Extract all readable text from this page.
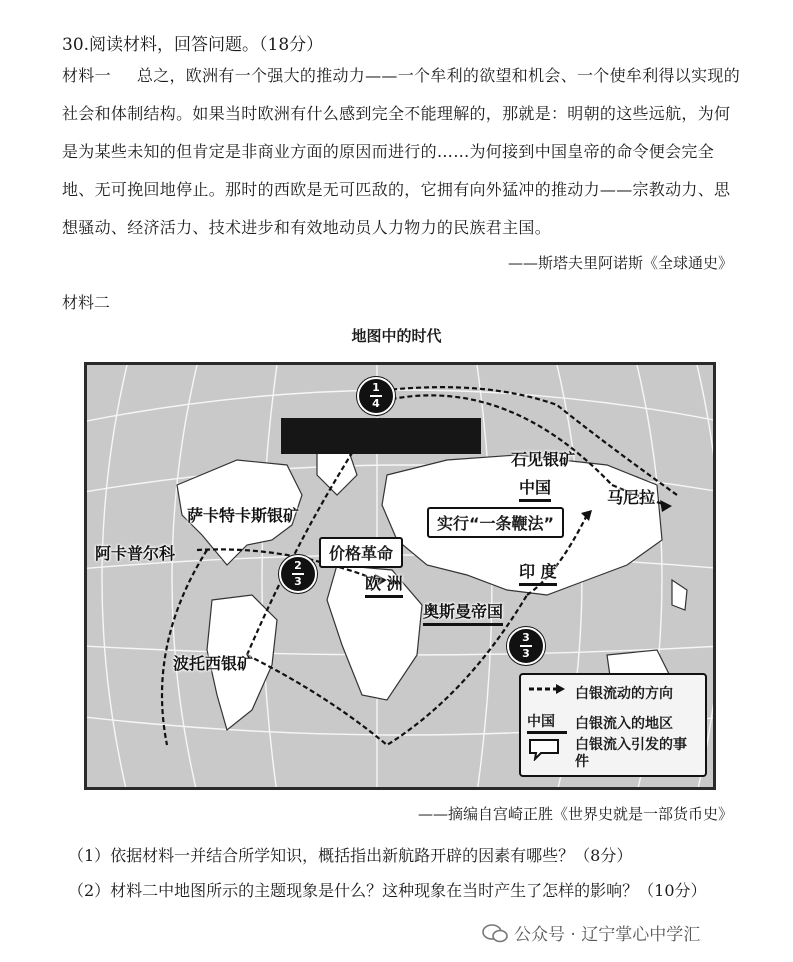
30.阅读材料，回答问题。（18分）
材料一 总之，欧洲有一个强大的推动力——一个牟利的欲望和机会、一个使牟利得以实现的社会和体制结构。如果当时欧洲有什么感到完全不能理解的，那就是：明朝的这些远航，为何是为某些未知的但肯定是非商业方面的原因而进行的……为何接到中国皇帝的命令便会完全地、无可挽回地停止。那时的西欧是无可匹敌的，它拥有向外猛冲的推动力——宗教动力、思想骚动、经济活力、技术进步和有效地动员人力物力的民族君主国。
——斯塔夫里阿诺斯《全球通史》
材料二
地图中的时代
1
4
2
3
3
3
石见银矿
中国
马尼拉
萨卡特卡斯银矿
阿卡普尔科
欧 洲
奥斯曼帝国
印 度
波托西银矿
实行“一条鞭法”
价格革命
白银流动的方向
中国	白银流入的地区
白银流入引发的事件
——摘编自宫崎正胜《世界史就是一部货币史》
（1）依据材料一并结合所学知识，概括指出新航路开辟的因素有哪些？（8分）
（2）材料二中地图所示的主题现象是什么？这种现象在当时产生了怎样的影响？（10分）
公众号 · 辽宁掌心中学汇
